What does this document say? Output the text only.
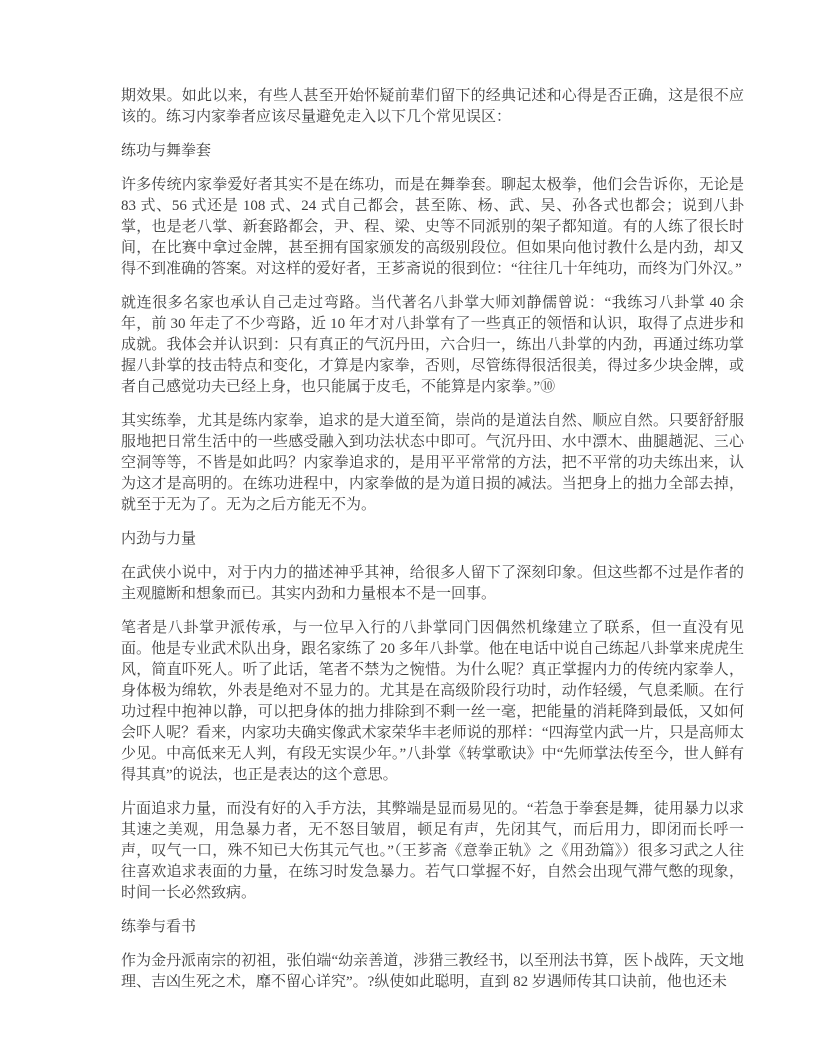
期效果。如此以来，有些人甚至开始怀疑前辈们留下的经典记述和心得是否正确，这是很不应该的。练习内家拳者应该尽量避免走入以下几个常见误区：

练功与舞拳套

许多传统内家拳爱好者其实不是在练功，而是在舞拳套。聊起太极拳，他们会告诉你，无论是 83 式、56 式还是 108 式、24 式自己都会，甚至陈、杨、武、吴、孙各式也都会；说到八卦掌，也是老八掌、新套路都会，尹、程、梁、史等不同派别的架子都知道。有的人练了很长时间，在比赛中拿过金牌，甚至拥有国家颁发的高级别段位。但如果向他讨教什么是内劲，却又得不到准确的答案。对这样的爱好者，王芗斋说的很到位：“往往几十年纯功，而终为门外汉。”

就连很多名家也承认自己走过弯路。当代著名八卦掌大师刘静儒曾说：“我练习八卦掌 40 余年，前 30 年走了不少弯路，近 10 年才对八卦掌有了一些真正的领悟和认识，取得了点进步和成就。我体会并认识到：只有真正的气沉丹田，六合归一，练出八卦掌的内劲，再通过练功掌握八卦掌的技击特点和变化，才算是内家拳，否则，尽管练得很活很美，得过多少块金牌，或者自己感觉功夫已经上身，也只能属于皮毛，不能算是内家拳。”⑩

其实练拳，尤其是练内家拳，追求的是大道至简，崇尚的是道法自然、顺应自然。只要舒舒服服地把日常生活中的一些感受融入到功法状态中即可。气沉丹田、水中漂木、曲腿趟泥、三心空洞等等，不皆是如此吗？内家拳追求的，是用平平常常的方法，把不平常的功夫练出来，认为这才是高明的。在练功进程中，内家拳做的是为道日损的减法。当把身上的拙力全部去掉，就至于无为了。无为之后方能无不为。

内劲与力量

在武侠小说中，对于内力的描述神乎其神，给很多人留下了深刻印象。但这些都不过是作者的主观臆断和想象而已。其实内劲和力量根本不是一回事。

笔者是八卦掌尹派传承，与一位早入行的八卦掌同门因偶然机缘建立了联系，但一直没有见面。他是专业武术队出身，跟名家练了 20 多年八卦掌。他在电话中说自己练起八卦掌来虎虎生风，简直吓死人。听了此话，笔者不禁为之惋惜。为什么呢？真正掌握内力的传统内家拳人，身体极为绵软，外表是绝对不显力的。尤其是在高级阶段行功时，动作轻缓，气息柔顺。在行功过程中抱神以静，可以把身体的拙力排除到不剩一丝一毫，把能量的消耗降到最低，又如何会吓人呢？看来，内家功夫确实像武术家荣华丰老师说的那样：“四海堂内武一片，只是高师太少见。中高低来无人判，有段无实误少年。”八卦掌《转掌歌诀》中“先师掌法传至今，世人鲜有得其真”的说法，也正是表达的这个意思。

片面追求力量，而没有好的入手方法，其弊端是显而易见的。“若急于拳套是舞，徒用暴力以求其速之美观，用急暴力者，无不怒目皱眉，顿足有声，先闭其气，而后用力，即闭而长呼一声，叹气一口，殊不知已大伤其元气也。”（王芗斋《意拳正轨》之《用劲篇》）很多习武之人往往喜欢追求表面的力量，在练习时发急暴力。若气口掌握不好，自然会出现气滞气憋的现象，时间一长必然致病。

练拳与看书

作为金丹派南宗的初祖，张伯端“幼亲善道，涉猎三教经书，以至刑法书算，医卜战阵，天文地理、吉凶生死之术，靡不留心详究”。?纵使如此聪明，直到 82 岁遇师传其口诀前，他也还未
